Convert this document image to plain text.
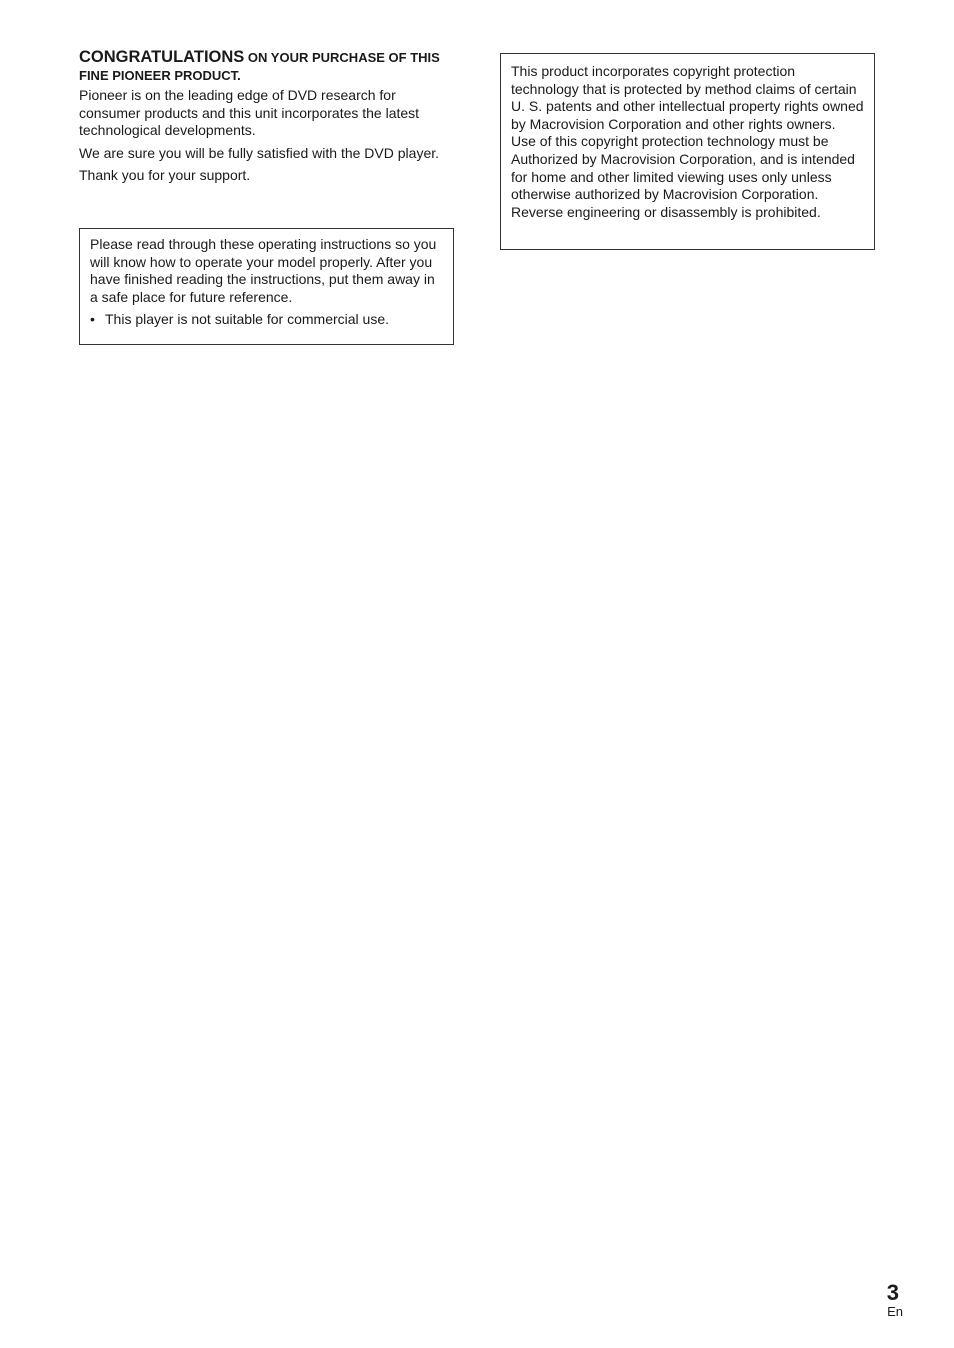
CONGRATULATIONS ON YOUR PURCHASE OF THIS FINE PIONEER PRODUCT.

Pioneer is on the leading edge of DVD research for consumer products and this unit incorporates the latest technological developments.

We are sure you will be fully satisfied with the DVD player.

Thank you for your support.

Please read through these operating instructions so you will know how to operate your model properly. After you have finished reading the instructions, put them away in a safe place for future reference.

• This player is not suitable for commercial use.

This product incorporates copyright protection technology that is protected by method claims of certain U. S. patents and other intellectual property rights owned by Macrovision Corporation and other rights owners. Use of this copyright protection technology must be Authorized by Macrovision Corporation, and is intended for home and other limited viewing uses only unless otherwise authorized by Macrovision Corporation. Reverse engineering or disassembly is prohibited.

3
En
